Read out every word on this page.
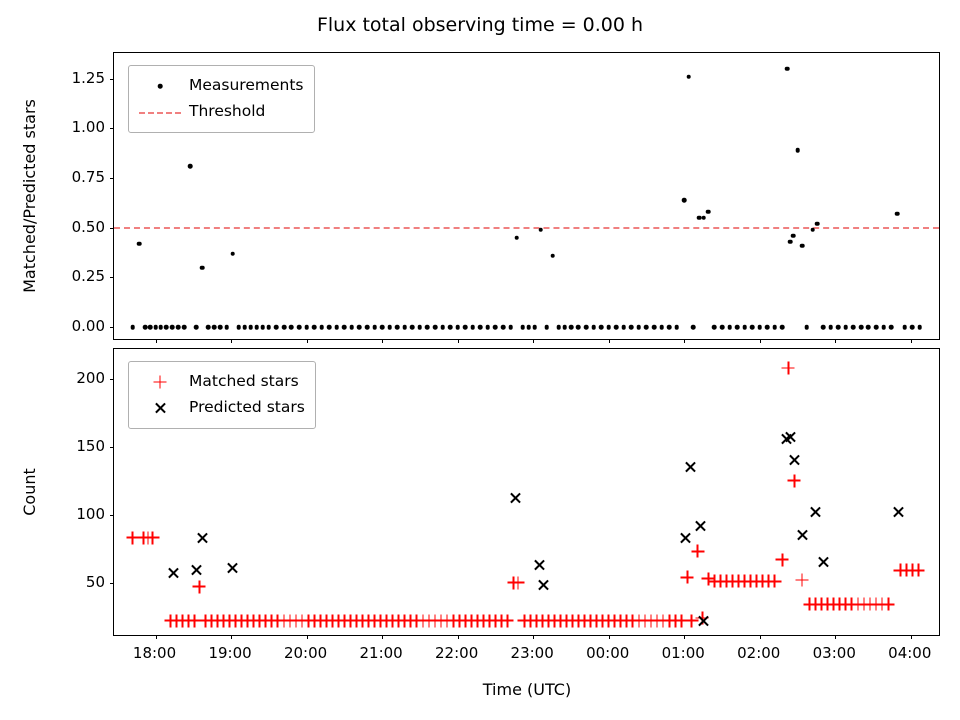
Flux total observing time = 0.00 h
Measurements
Threshold
Matched/Predicted stars
Matched stars
Predicted stars
Count
Time (UTC)
0.00
0.25
0.50
0.75
1.00
1.25
18:00 19:00 20:00 21:00 22:00 23:00 00:00 01:00 02:00 03:00 04:00
50
100
150
200
